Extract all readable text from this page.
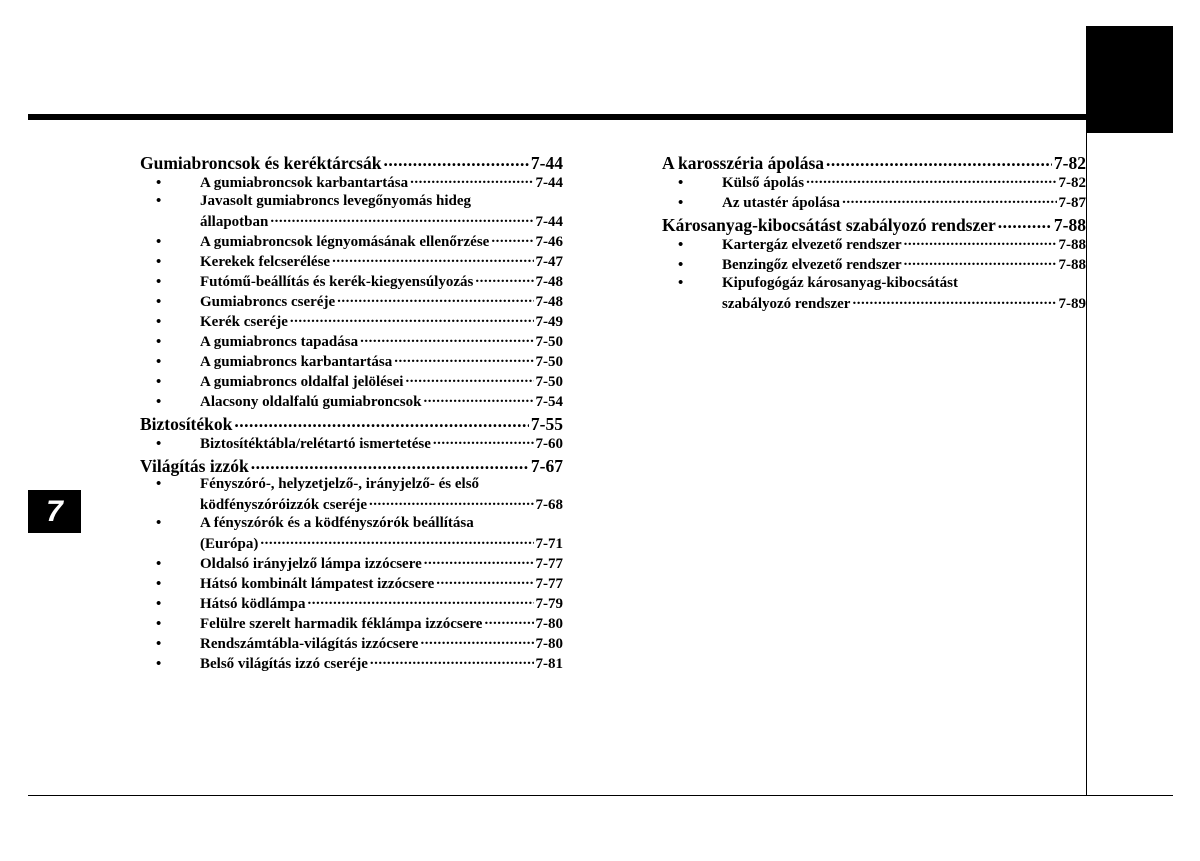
7
Gumiabroncsok és keréktárcsák .....	7-44
•	A gumiabroncsok karbantartása .....	7-44
•	Javasolt gumiabroncs levegőnyomás hideg
állapotban .....	7-44
•	A gumiabroncsok légnyomásának ellenőrzése .....	7-46
•	Kerekek felcserélése .....	7-47
•	Futómű-beállítás és kerék-kiegyensúlyozás .....	7-48
•	Gumiabroncs cseréje .....	7-48
•	Kerék cseréje .....	7-49
•	A gumiabroncs tapadása .....	7-50
•	A gumiabroncs karbantartása .....	7-50
•	A gumiabroncs oldalfal jelölései .....	7-50
•	Alacsony oldalfalú gumiabroncsok .....	7-54
Biztosítékok .....	7-55
•	Biztosítéktábla/relétartó ismertetése .....	7-60
Világítás izzók .....	7-67
•	Fényszóró-, helyzetjelző-, irányjelző- és első
ködfényszóróizzók cseréje .....	7-68
•	A fényszórók és a ködfényszórók beállítása
(Európa) .....	7-71
•	Oldalsó irányjelző lámpa izzócsere .....	7-77
•	Hátsó kombinált lámpatest izzócsere .....	7-77
•	Hátsó ködlámpa .....	7-79
•	Felülre szerelt harmadik féklámpa izzócsere .....	7-80
•	Rendszámtábla-világítás izzócsere .....	7-80
•	Belső világítás izzó cseréje .....	7-81
A karosszéria ápolása .....	7-82
•	Külső ápolás .....	7-82
•	Az utastér ápolása .....	7-87
Károsanyag-kibocsátást szabályozó rendszer .....	7-88
•	Kartergáz elvezető rendszer .....	7-88
•	Benzingőz elvezető rendszer .....	7-88
•	Kipufogógáz károsanyag-kibocsátást
szabályozó rendszer .....	7-89
